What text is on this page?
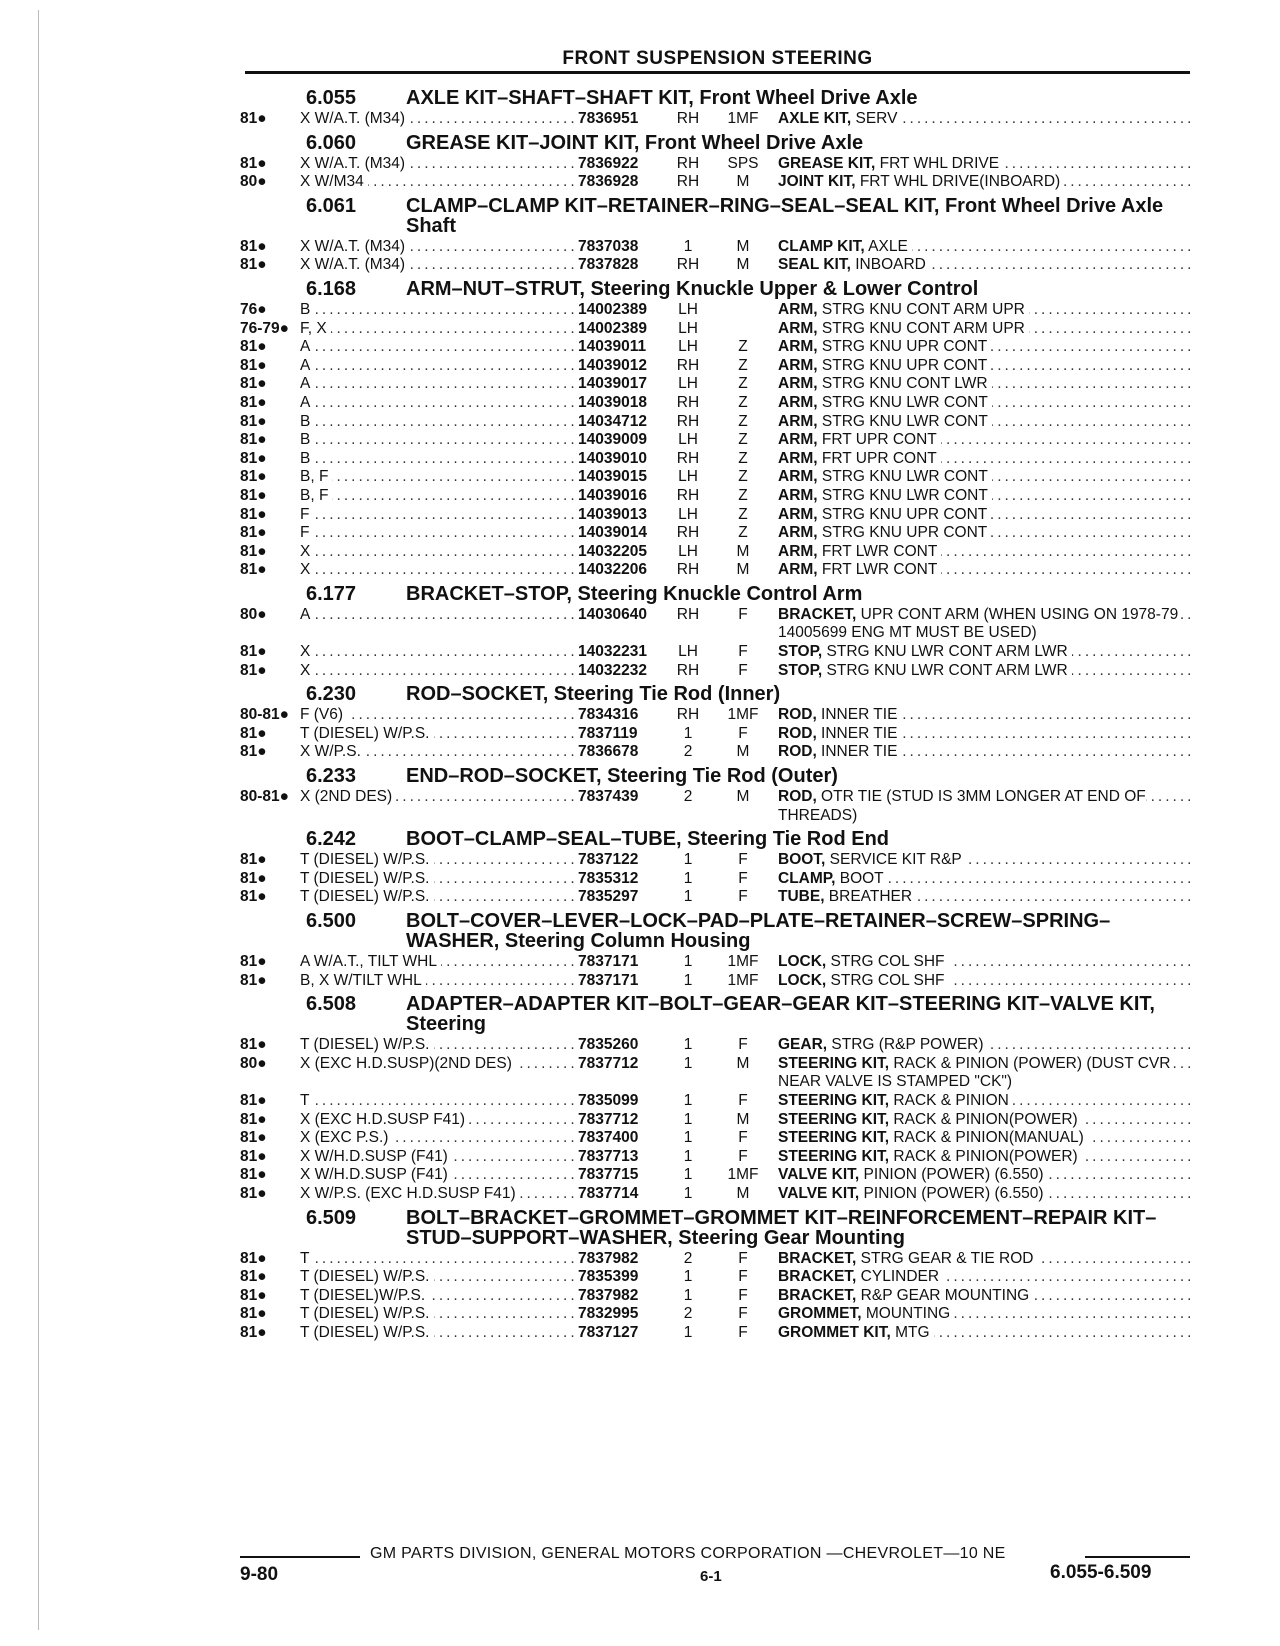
FRONT SUSPENSION STEERING
6.055	AXLE KIT–SHAFT–SHAFT KIT, Front Wheel Drive Axle
81●	X W/A.T. (M34) .....	7836951	RH	1MF	AXLE KIT, SERV .....
6.060	GREASE KIT–JOINT KIT, Front Wheel Drive Axle
81●	X W/A.T. (M34) .....	7836922	RH	SPS	GREASE KIT, FRT WHL DRIVE .....
80●	X W/M34 .....	7836928	RH	M	JOINT KIT, FRT WHL DRIVE(INBOARD) .....
6.061	CLAMP–CLAMP KIT–RETAINER–RING–SEAL–SEAL KIT, Front Wheel Drive Axle Shaft
81●	X W/A.T. (M34) .....	7837038	1	M	CLAMP KIT, AXLE .....
81●	X W/A.T. (M34) .....	7837828	RH	M	SEAL KIT, INBOARD .....
6.168	ARM–NUT–STRUT, Steering Knuckle Upper & Lower Control
76●	B .....	14002389	LH	ARM, STRG KNU CONT ARM UPR .....
76-79● F, X .....	14002389	LH	ARM, STRG KNU CONT ARM UPR .....
81●	A .....	14039011	LH	Z	ARM, STRG KNU UPR CONT .....
81●	A .....	14039012	RH	Z	ARM, STRG KNU UPR CONT .....
81●	A .....	14039017	LH	Z	ARM, STRG KNU CONT LWR .....
81●	A .....	14039018	RH	Z	ARM, STRG KNU LWR CONT .....
81●	B .....	14034712	RH	Z	ARM, STRG KNU LWR CONT .....
81●	B .....	14039009	LH	Z	ARM, FRT UPR CONT .....
81●	B .....	14039010	RH	Z	ARM, FRT UPR CONT .....
81●	B, F .....	14039015	LH	Z	ARM, STRG KNU LWR CONT .....
81●	B, F .....	14039016	RH	Z	ARM, STRG KNU LWR CONT .....
81●	F .....	14039013	LH	Z	ARM, STRG KNU UPR CONT .....
81●	F .....	14039014	RH	Z	ARM, STRG KNU UPR CONT .....
81●	X .....	14032205	LH	M	ARM, FRT LWR CONT .....
81●	X .....	14032206	RH	M	ARM, FRT LWR CONT .....
6.177	BRACKET–STOP, Steering Knuckle Control Arm
80●	A .....	14030640	RH	F	BRACKET, UPR CONT ARM (WHEN USING ON 1978-79 14005699 ENG MT MUST BE USED) .....
81●	X .....	14032231	LH	F	STOP, STRG KNU LWR CONT ARM LWR .....
81●	X .....	14032232	RH	F	STOP, STRG KNU LWR CONT ARM LWR .....
6.230	ROD–SOCKET, Steering Tie Rod (Inner)
80-81● F (V6) .....	7834316	RH	1MF	ROD, INNER TIE .....
81●	T (DIESEL) W/P.S. .....	7837119	1	F	ROD, INNER TIE .....
81●	X W/P.S. .....	7836678	2	M	ROD, INNER TIE .....
6.233	END–ROD–SOCKET, Steering Tie Rod (Outer)
80-81● X (2ND DES) .....	7837439	2	M	ROD, OTR TIE (STUD IS 3MM LONGER AT END OF THREADS) .....
6.242	BOOT–CLAMP–SEAL–TUBE, Steering Tie Rod End
81●	T (DIESEL) W/P.S. .....	7837122	1	F	BOOT, SERVICE KIT R&P .....
81●	T (DIESEL) W/P.S. .....	7835312	1	F	CLAMP, BOOT .....
81●	T (DIESEL) W/P.S. .....	7835297	1	F	TUBE, BREATHER .....
6.500	BOLT–COVER–LEVER–LOCK–PAD–PLATE–RETAINER–SCREW–SPRING–WASHER, Steering Column Housing
81●	A W/A.T., TILT WHL .....	7837171	1	1MF	LOCK, STRG COL SHF .....
81●	B, X W/TILT WHL .....	7837171	1	1MF	LOCK, STRG COL SHF .....
6.508	ADAPTER–ADAPTER KIT–BOLT–GEAR–GEAR KIT–STEERING KIT–VALVE KIT, Steering
81●	T (DIESEL) W/P.S. .....	7835260	1	F	GEAR, STRG (R&P POWER) .....
80●	X (EXC H.D.SUSP)(2ND DES) .....	7837712	1	M	STEERING KIT, RACK & PINION (POWER) (DUST CVR NEAR VALVE IS STAMPED "CK") .....
81●	T .....	7835099	1	F	STEERING KIT, RACK & PINION .....
81●	X (EXC H.D.SUSP F41) .....	7837712	1	M	STEERING KIT, RACK & PINION(POWER) .....
81●	X (EXC P.S.) .....	7837400	1	F	STEERING KIT, RACK & PINION(MANUAL) .....
81●	X W/H.D.SUSP (F41) .....	7837713	1	F	STEERING KIT, RACK & PINION(POWER) .....
81●	X W/H.D.SUSP (F41) .....	7837715	1	1MF	VALVE KIT, PINION (POWER) (6.550) .....
81●	X W/P.S. (EXC H.D.SUSP F41) .....	7837714	1	M	VALVE KIT, PINION (POWER) (6.550) .....
6.509	BOLT–BRACKET–GROMMET–GROMMET KIT–REINFORCEMENT–REPAIR KIT–STUD–SUPPORT–WASHER, Steering Gear Mounting
81●	T .....	7837982	2	F	BRACKET, STRG GEAR & TIE ROD .....
81●	T (DIESEL) W/P.S. .....	7835399	1	F	BRACKET, CYLINDER .....
81●	T (DIESEL)W/P.S. .....	7837982	1	F	BRACKET, R&P GEAR MOUNTING .....
81●	T (DIESEL) W/P.S. .....	7832995	2	F	GROMMET, MOUNTING .....
81●	T (DIESEL) W/P.S. .....	7837127	1	F	GROMMET KIT, MTG .....
GM PARTS DIVISION, GENERAL MOTORS CORPORATION —CHEVROLET—10 NE
9-80	6-1	6.055-6.509
